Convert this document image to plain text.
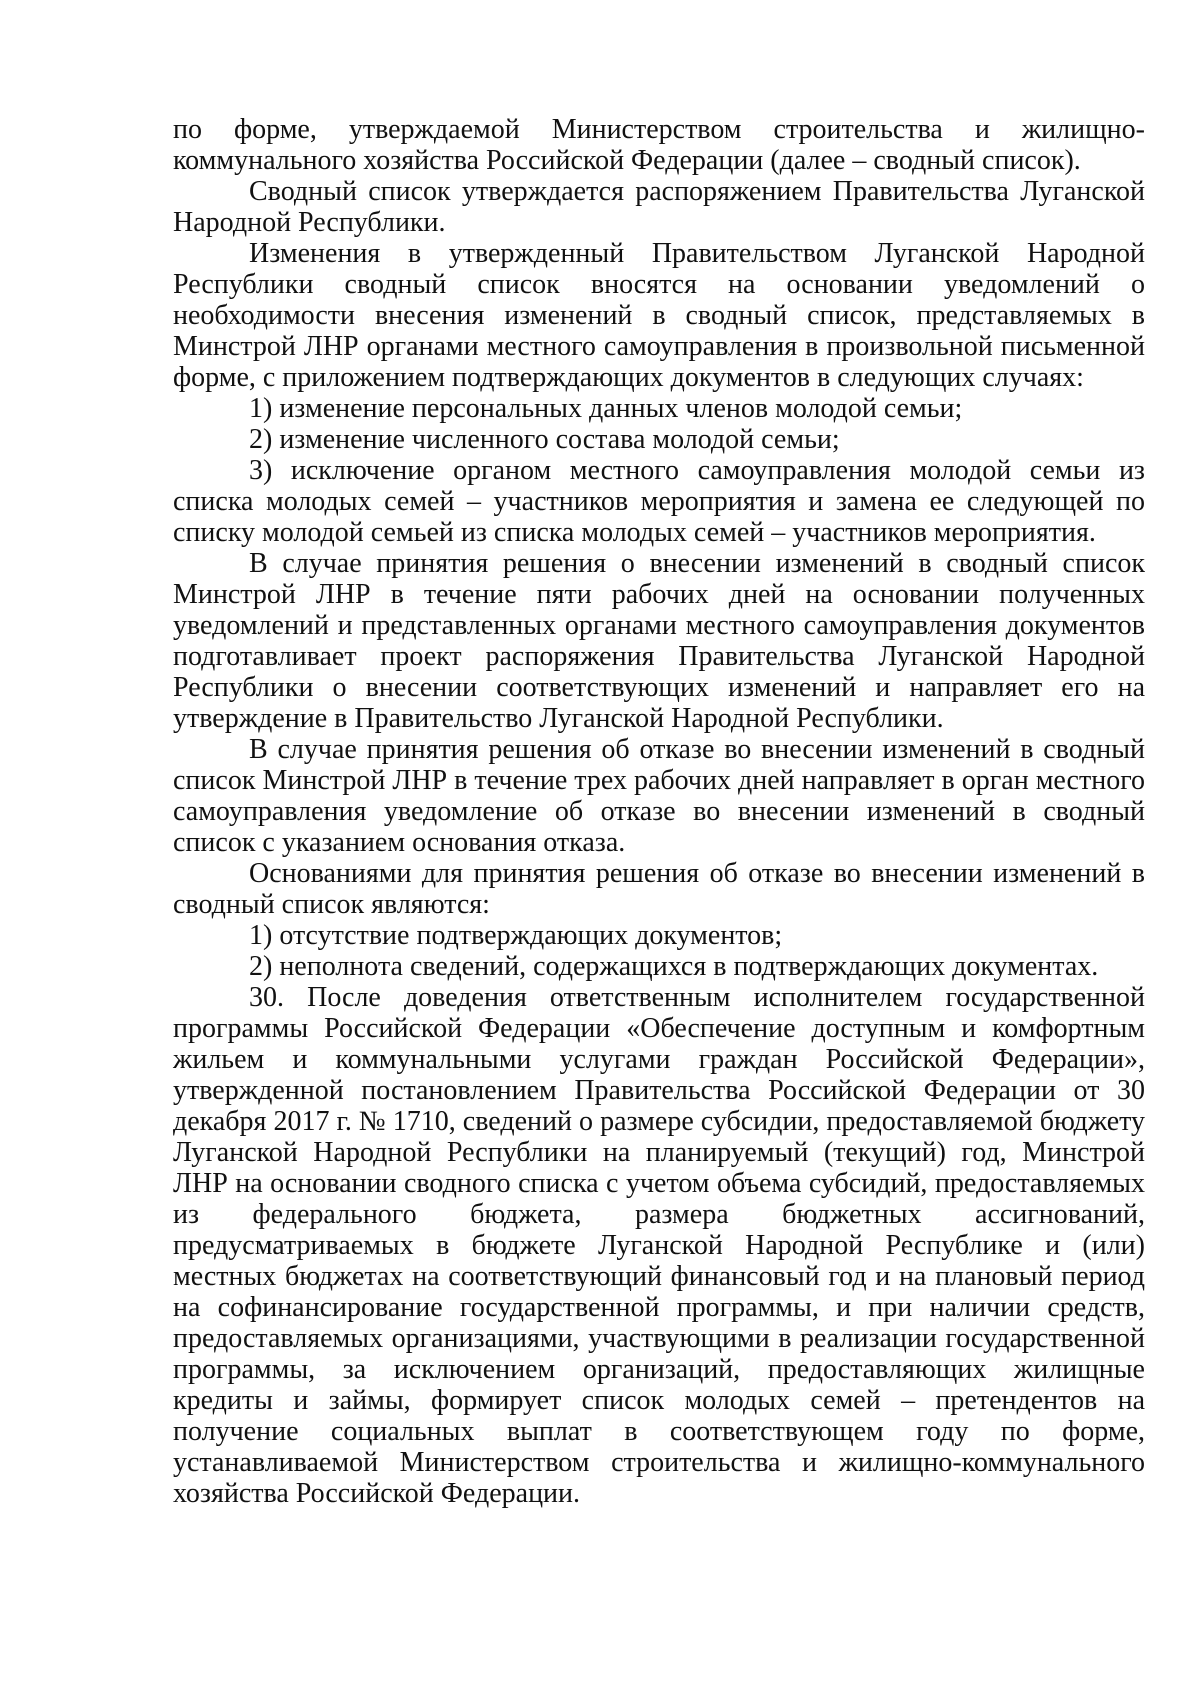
по форме, утверждаемой Министерством строительства и жилищно-коммунального хозяйства Российской Федерации (далее – сводный список).

Сводный список утверждается распоряжением Правительства Луганской Народной Республики.

Изменения в утвержденный Правительством Луганской Народной Республики сводный список вносятся на основании уведомлений о необходимости внесения изменений в сводный список, представляемых в Минстрой ЛНР органами местного самоуправления в произвольной письменной форме, с приложением подтверждающих документов в следующих случаях:

1) изменение персональных данных членов молодой семьи;

2) изменение численного состава молодой семьи;

3) исключение органом местного самоуправления молодой семьи из списка молодых семей – участников мероприятия и замена ее следующей по списку молодой семьей из списка молодых семей – участников мероприятия.

В случае принятия решения о внесении изменений в сводный список Минстрой ЛНР в течение пяти рабочих дней на основании полученных уведомлений и представленных органами местного самоуправления документов подготавливает проект распоряжения Правительства Луганской Народной Республики о внесении соответствующих изменений и направляет его на утверждение в Правительство Луганской Народной Республики.

В случае принятия решения об отказе во внесении изменений в сводный список Минстрой ЛНР в течение трех рабочих дней направляет в орган местного самоуправления уведомление об отказе во внесении изменений в сводный список с указанием основания отказа.

Основаниями для принятия решения об отказе во внесении изменений в сводный список являются:

1) отсутствие подтверждающих документов;

2) неполнота сведений, содержащихся в подтверждающих документах.

30. После доведения ответственным исполнителем государственной программы Российской Федерации «Обеспечение доступным и комфортным жильем и коммунальными услугами граждан Российской Федерации», утвержденной постановлением Правительства Российской Федерации от 30 декабря 2017 г. № 1710, сведений о размере субсидии, предоставляемой бюджету Луганской Народной Республики на планируемый (текущий) год, Минстрой ЛНР на основании сводного списка с учетом объема субсидий, предоставляемых из федерального бюджета, размера бюджетных ассигнований, предусматриваемых в бюджете Луганской Народной Республике и (или) местных бюджетах на соответствующий финансовый год и на плановый период на софинансирование государственной программы, и при наличии средств, предоставляемых организациями, участвующими в реализации государственной программы, за исключением организаций, предоставляющих жилищные кредиты и займы, формирует список молодых семей – претендентов на получение социальных выплат в соответствующем году по форме, устанавливаемой Министерством строительства и жилищно-коммунального хозяйства Российской Федерации.
